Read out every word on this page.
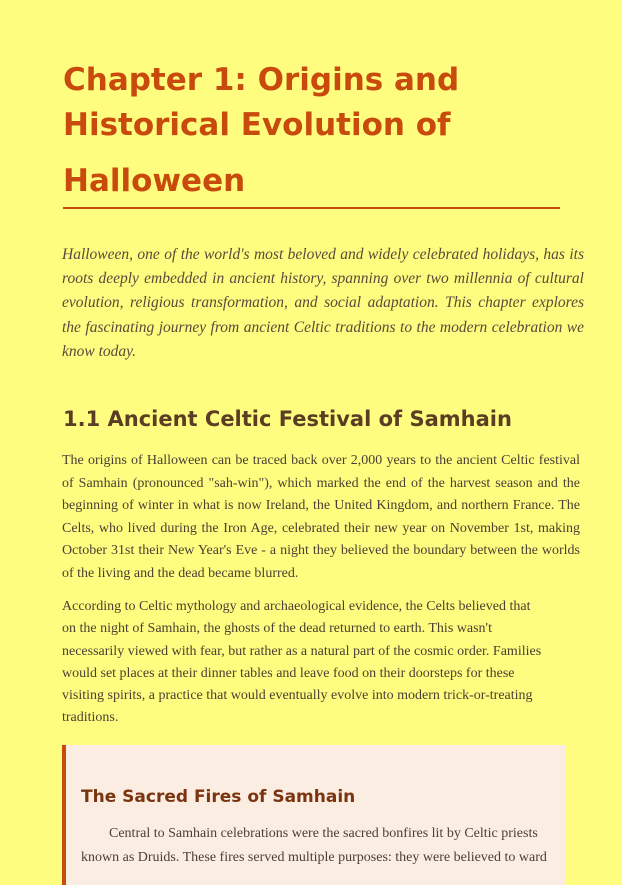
Chapter 1: Origins and
Historical Evolution of
Halloween

Halloween, one of the world's most beloved and widely celebrated holidays, has its roots deeply embedded in ancient history, spanning over two millennia of cultural evolution, religious transformation, and social adaptation. This chapter explores the fascinating journey from ancient Celtic traditions to the modern celebration we know today.

1.1 Ancient Celtic Festival of Samhain

The origins of Halloween can be traced back over 2,000 years to the ancient Celtic festival of Samhain (pronounced "sah-win"), which marked the end of the harvest season and the beginning of winter in what is now Ireland, the United Kingdom, and northern France. The Celts, who lived during the Iron Age, celebrated their new year on November 1st, making October 31st their New Year's Eve - a night they believed the boundary between the worlds of the living and the dead became blurred.

According to Celtic mythology and archaeological evidence, the Celts believed that
on the night of Samhain, the ghosts of the dead returned to earth. This wasn't
necessarily viewed with fear, but rather as a natural part of the cosmic order. Families
would set places at their dinner tables and leave food on their doorsteps for these
visiting spirits, a practice that would eventually evolve into modern trick-or-treating
traditions.

The Sacred Fires of Samhain

Central to Samhain celebrations were the sacred bonfires lit by Celtic priests known as Druids. These fires served multiple purposes: they were believed to ward
